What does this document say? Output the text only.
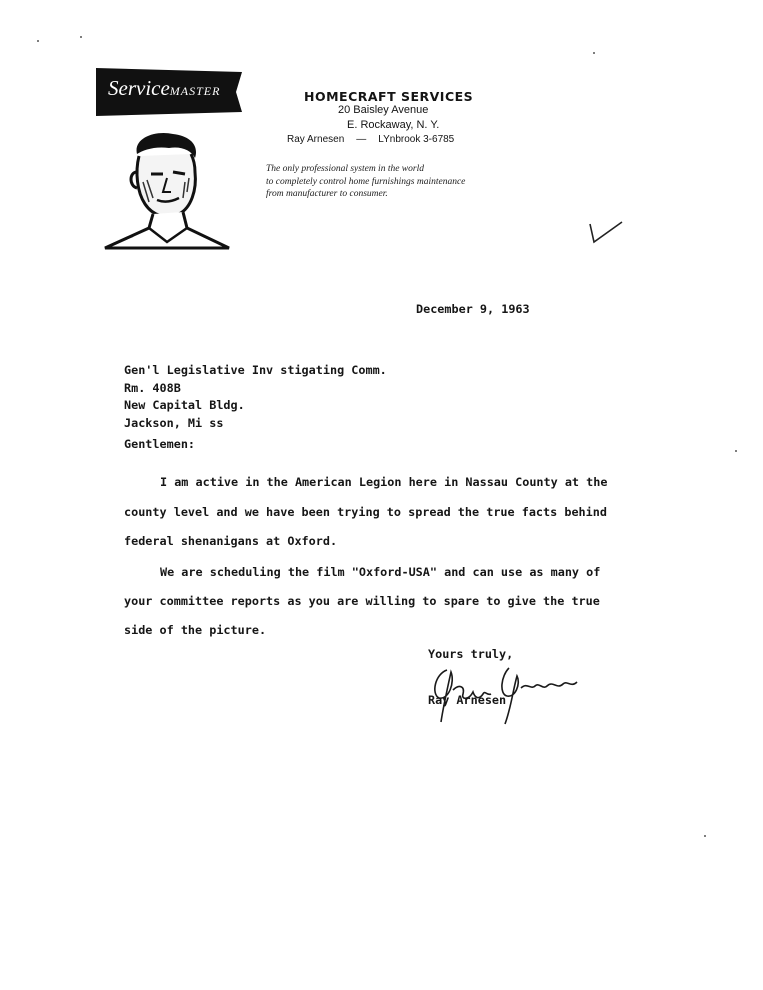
ServiceMASTER	HOMECRAFT SERVICES
20 Baisley Avenue
E. Rockaway, N. Y.
Ray Arnesen — LYnbrook 3-6785
The only professional system in the world
to completely control home furnishings maintenance
from manufacturer to consumer.
December 9, 1963
Gen'l Legislative Inv stigating Comm.
Rm. 408B
New Capital Bldg.
Jackson, Mi ss
Gentlemen:
I am active in the American Legion here in Nassau County at the
county level and we have been trying to spread the true facts behind
federal shenanigans at Oxford.
We are scheduling the film "Oxford-USA" and can use as many of
your committee reports as you are willing to spare to give the true
side of the picture.
Yours truly,
Ray Arnesen
